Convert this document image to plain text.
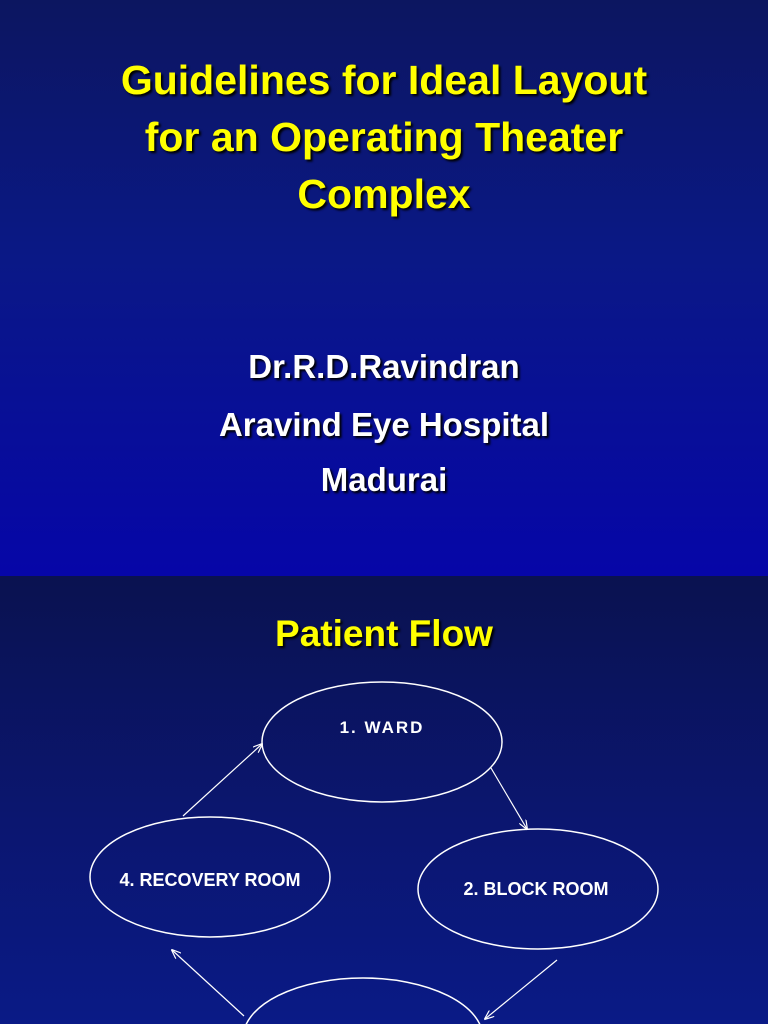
Guidelines for Ideal Layout
for an Operating Theater
Complex
Dr.R.D.Ravindran
Aravind Eye Hospital
Madurai
Patient Flow
1. WARD
4. RECOVERY ROOM	2. BLOCK ROOM
